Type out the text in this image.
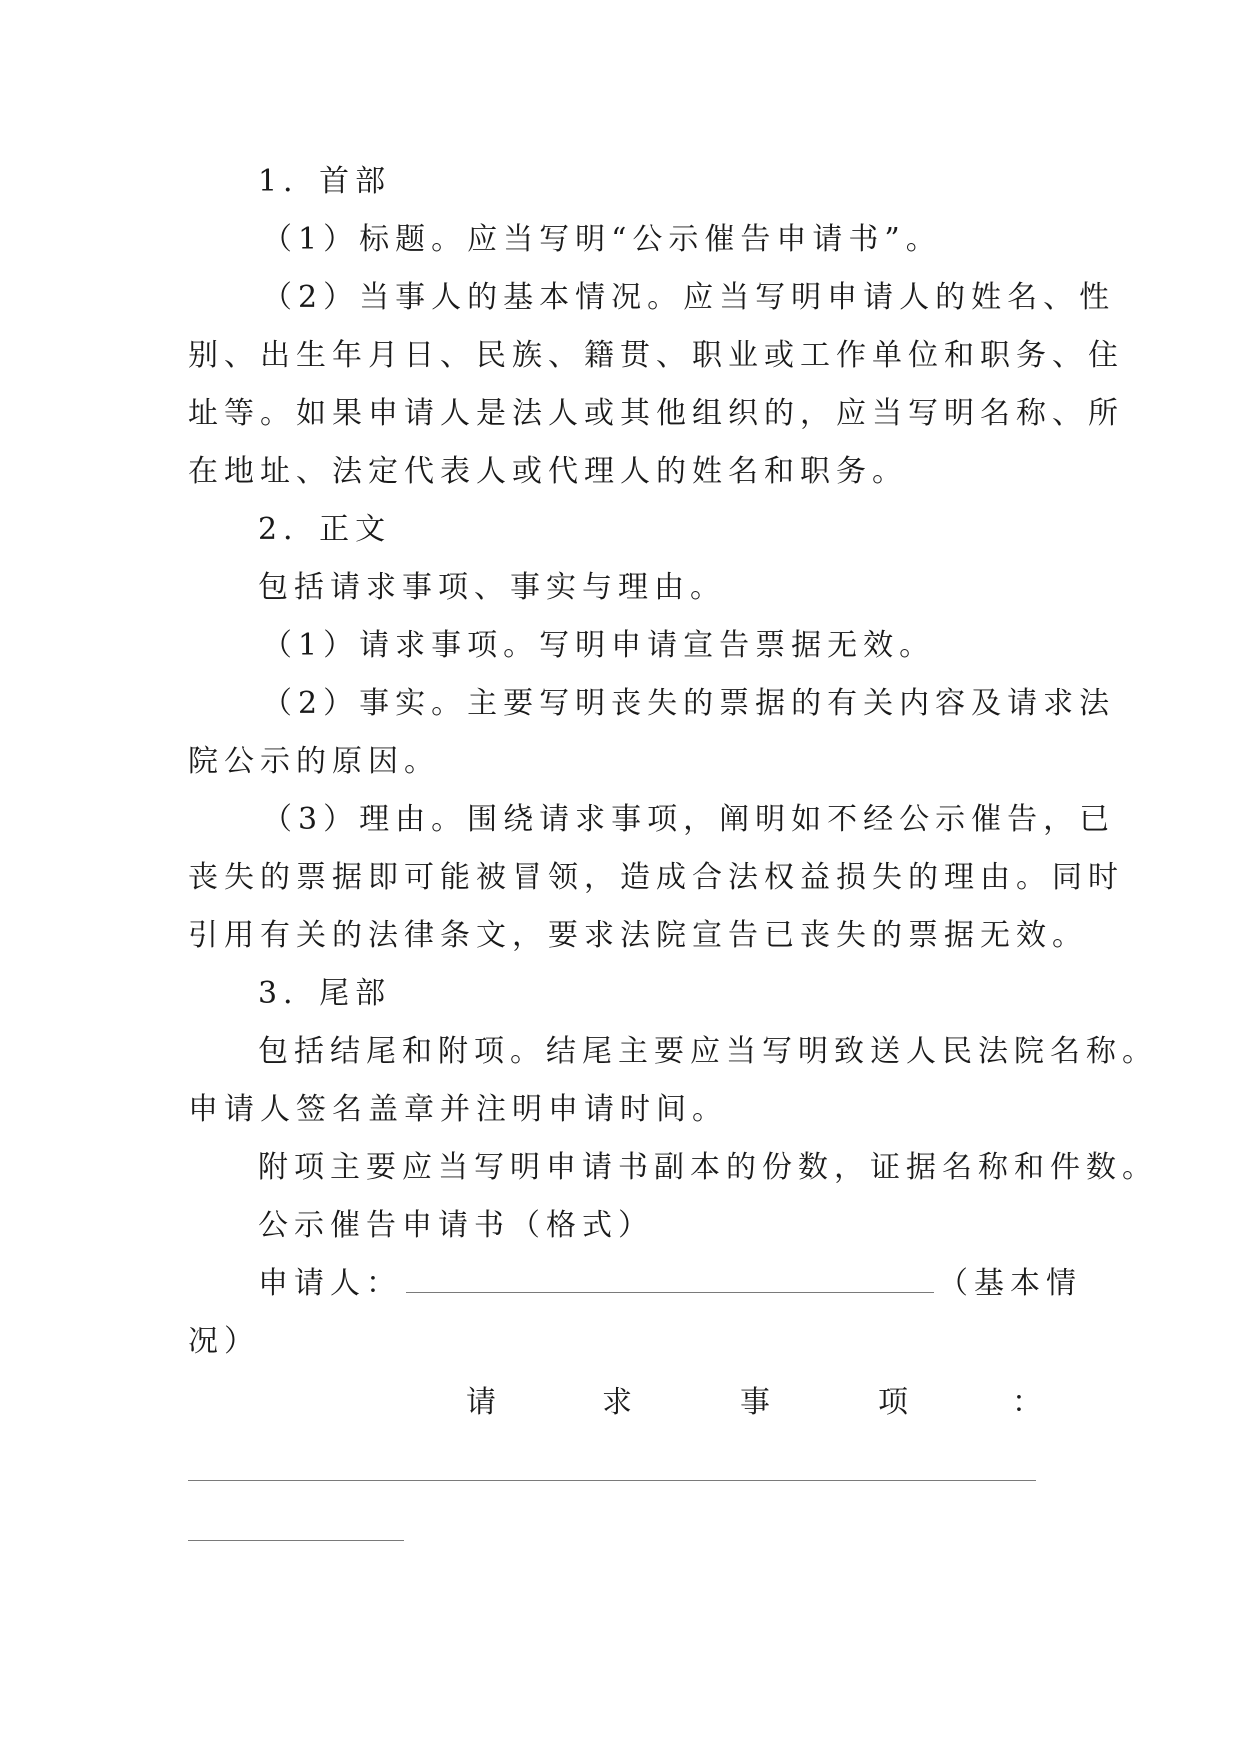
1．首部
（1）标题。应当写明“公示催告申请书”。
（2）当事人的基本情况。应当写明申请人的姓名、性
别、出生年月日、民族、籍贯、职业或工作单位和职务、住
址等。如果申请人是法人或其他组织的，应当写明名称、所
在地址、法定代表人或代理人的姓名和职务。
2．正文
包括请求事项、事实与理由。
（1）请求事项。写明申请宣告票据无效。
（2）事实。主要写明丧失的票据的有关内容及请求法
院公示的原因。
（3）理由。围绕请求事项，阐明如不经公示催告，已
丧失的票据即可能被冒领，造成合法权益损失的理由。同时
引用有关的法律条文，要求法院宣告已丧失的票据无效。
3．尾部
包括结尾和附项。结尾主要应当写明致送人民法院名称。
申请人签名盖章并注明申请时间。
附项主要应当写明申请书副本的份数，证据名称和件数。
公示催告申请书（格式）
申请人：	（基本情
况）
请	求	事	项	：
